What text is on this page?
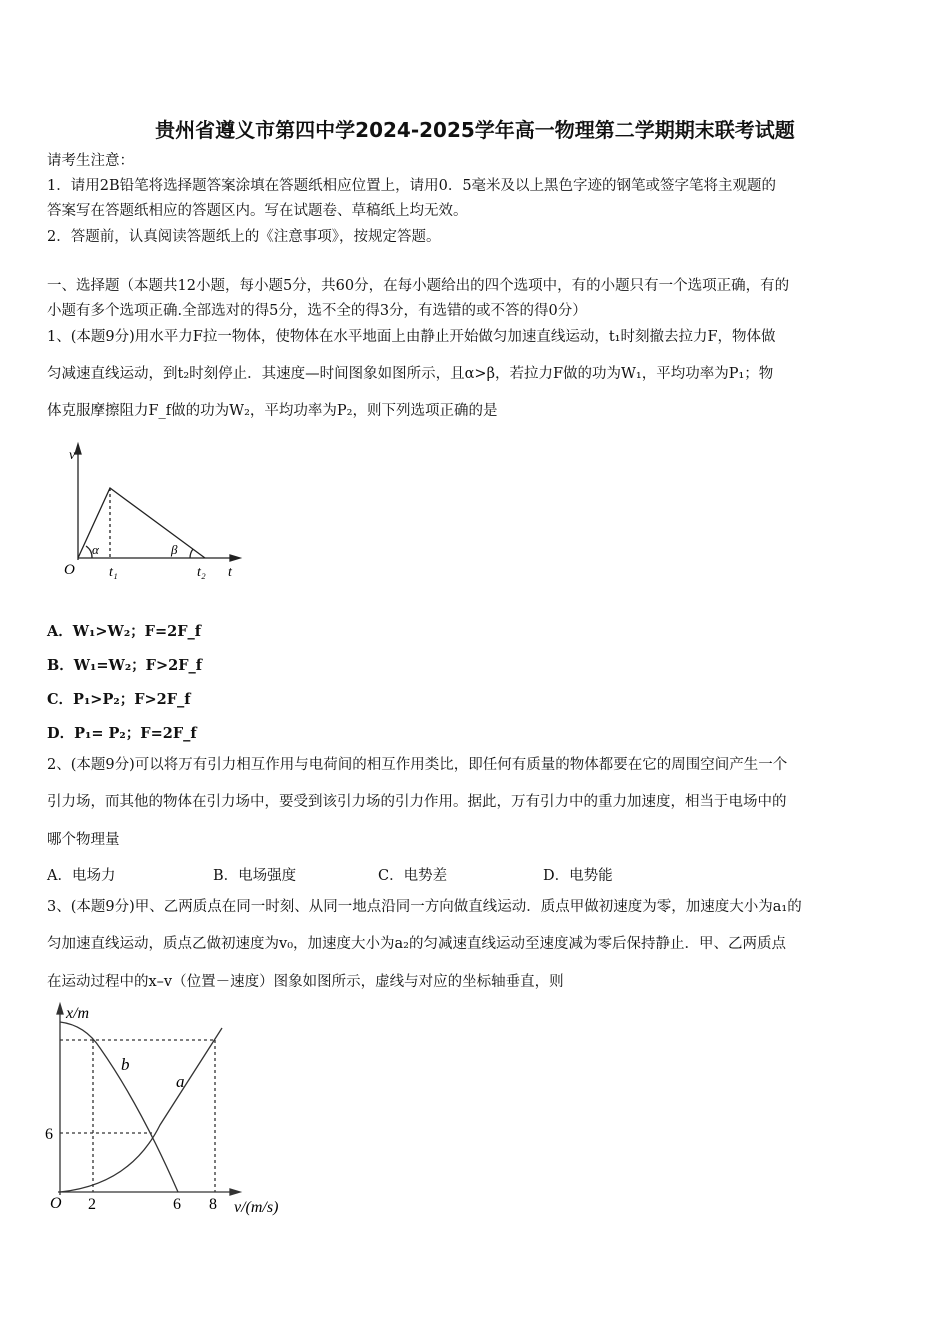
贵州省遵义市第四中学2024-2025学年高一物理第二学期期末联考试题
请考生注意：
1．请用2B铅笔将选择题答案涂填在答题纸相应位置上，请用0．5毫米及以上黑色字迹的钢笔或签字笔将主观题的
答案写在答题纸相应的答题区内。写在试题卷、草稿纸上均无效。
2．答题前，认真阅读答题纸上的《注意事项》，按规定答题。
一、选择题（本题共12小题，每小题5分，共60分，在每小题给出的四个选项中，有的小题只有一个选项正确，有的
小题有多个选项正确.全部选对的得5分，选不全的得3分，有选错的或不答的得0分）
1、(本题9分)用水平力F拉一物体，使物体在水平地面上由静止开始做匀加速直线运动，t₁时刻撤去拉力F，物体做
匀减速直线运动，到t₂时刻停止．其速度—时间图象如图所示，且α>β，若拉力F做的功为W₁，平均功率为P₁；物
体克服摩擦阻力F_f做的功为W₂，平均功率为P₂，则下列选项正确的是
v
O t₁	t₂ t
α	β
x/m
v/(m/s)
O
6
2	6 8
b
a
A．W₁>W₂；F=2F_f
B．W₁=W₂；F>2F_f
C．P₁>P₂；F>2F_f
D．P₁= P₂；F=2F_f
2、(本题9分)可以将万有引力相互作用与电荷间的相互作用类比，即任何有质量的物体都要在它的周围空间产生一个
引力场，而其他的物体在引力场中，要受到该引力场的引力作用。据此，万有引力中的重力加速度，相当于电场中的
哪个物理量
A．电场力	B．电场强度	C．电势差	D．电势能
3、(本题9分)甲、乙两质点在同一时刻、从同一地点沿同一方向做直线运动．质点甲做初速度为零，加速度大小为a₁的
匀加速直线运动，质点乙做初速度为v₀，加速度大小为a₂的匀减速直线运动至速度减为零后保持静止．甲、乙两质点
在运动过程中的x–v（位置－速度）图象如图所示，虚线与对应的坐标轴垂直，则
